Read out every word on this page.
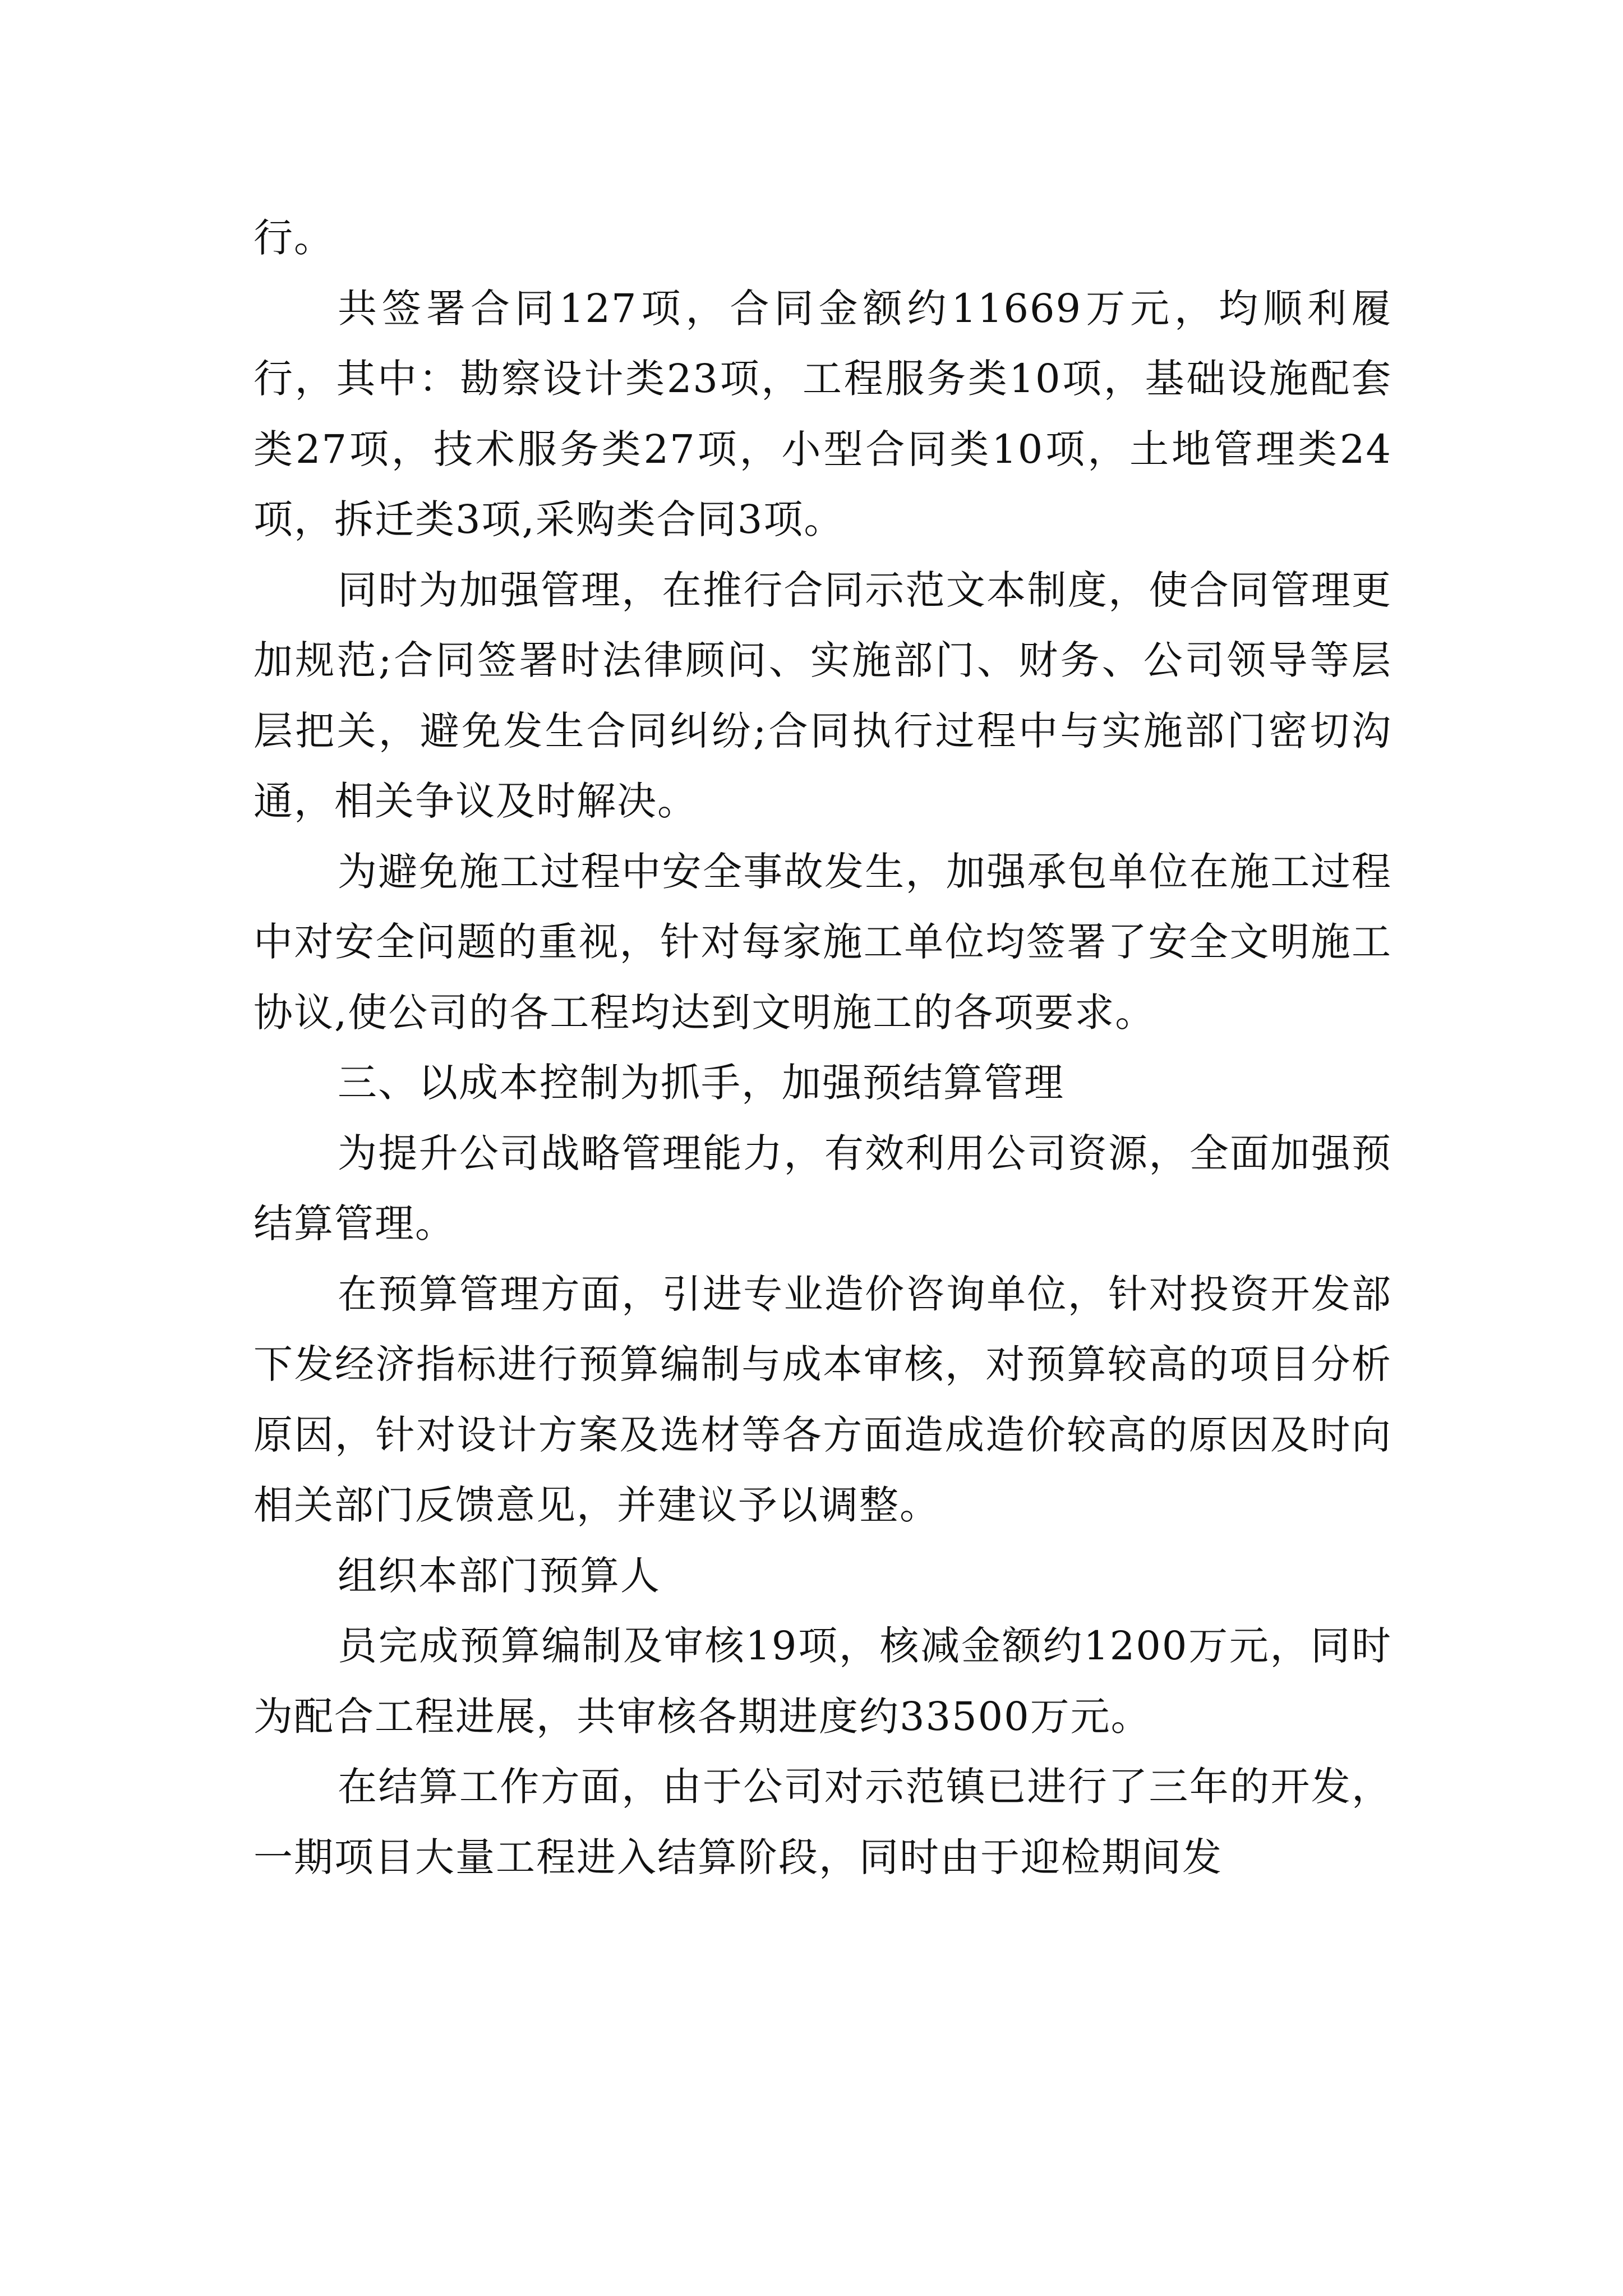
行。

共签署合同127项，合同金额约11669万元，均顺利履行，其中：勘察设计类23项，工程服务类10项，基础设施配套类27项，技术服务类27项，小型合同类10项，土地管理类24项，拆迁类3项,采购类合同3项。

同时为加强管理，在推行合同示范文本制度，使合同管理更加规范;合同签署时法律顾问、实施部门、财务、公司领导等层层把关，避免发生合同纠纷;合同执行过程中与实施部门密切沟通，相关争议及时解决。

为避免施工过程中安全事故发生，加强承包单位在施工过程中对安全问题的重视，针对每家施工单位均签署了安全文明施工协议,使公司的各工程均达到文明施工的各项要求。

三、以成本控制为抓手，加强预结算管理

为提升公司战略管理能力，有效利用公司资源，全面加强预结算管理。

在预算管理方面，引进专业造价咨询单位，针对投资开发部下发经济指标进行预算编制与成本审核，对预算较高的项目分析原因，针对设计方案及选材等各方面造成造价较高的原因及时向相关部门反馈意见，并建议予以调整。

组织本部门预算人

员完成预算编制及审核19项，核减金额约1200万元，同时为配合工程进展，共审核各期进度约33500万元。

在结算工作方面，由于公司对示范镇已进行了三年的开发，一期项目大量工程进入结算阶段，同时由于迎检期间发
